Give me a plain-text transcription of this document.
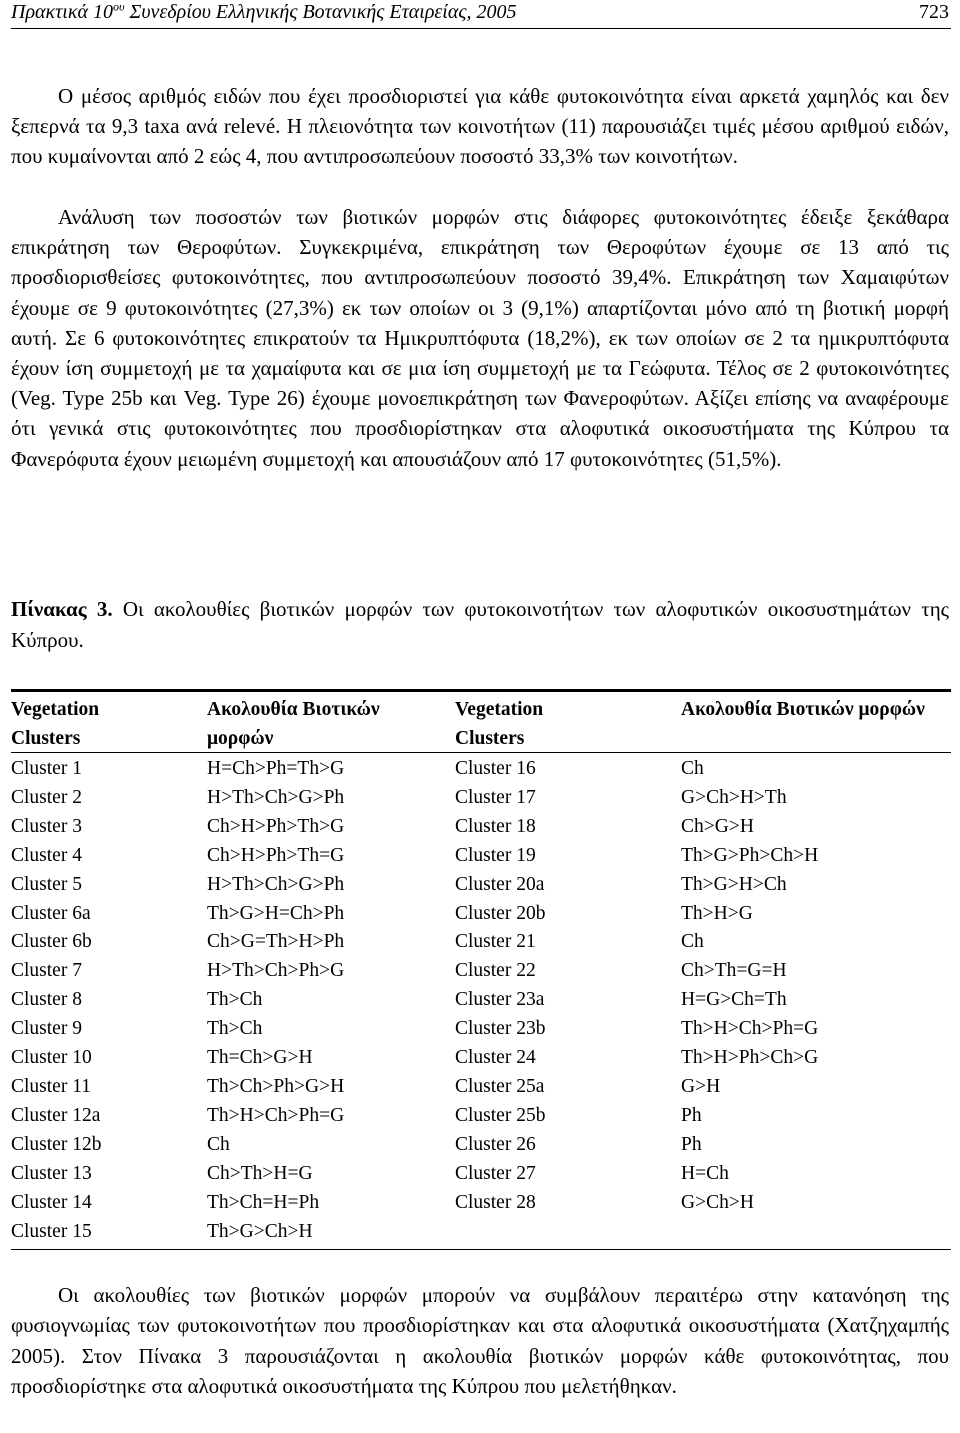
Πρακτικά $10^{o\upsilon}$ Συνεδρίου Ελληνικής Βοτανικής Εταιρείας, 2005	723

Ο μέσος αριθμός ειδών που έχει προσδιοριστεί για κάθε φυτοκοινότητα είναι αρκετά χαμηλός και δεν ξεπερνά τα 9,3 taxa ανά relevé. Η πλειονότητα των κοινοτήτων (11) παρουσιάζει τιμές μέσου αριθμού ειδών, που κυμαίνονται από 2 εώς 4, που αντιπροσωπεύουν ποσοστό 33,3% των κοινοτήτων.

Ανάλυση των ποσοστών των βιοτικών μορφών στις διάφορες φυτοκοινότητες έδειξε ξεκάθαρα επικράτηση των Θεροφύτων. Συγκεκριμένα, επικράτηση των Θεροφύτων έχουμε σε 13 από τις προσδιορισθείσες φυτοκοινότητες, που αντιπροσωπεύουν ποσοστό 39,4%. Επικράτηση των Χαμαιφύτων έχουμε σε 9 φυτοκοινότητες (27,3%) εκ των οποίων οι 3 (9,1%) απαρτίζονται μόνο από τη βιοτική μορφή αυτή. Σε 6 φυτοκοινότητες επικρατούν τα Ημικρυπτόφυτα (18,2%), εκ των οποίων σε 2 τα ημικρυπτόφυτα έχουν ίση συμμετοχή με τα χαμαίφυτα και σε μια ίση συμμετοχή με τα Γεώφυτα. Τέλος σε 2 φυτοκοινότητες (Veg. Type 25b και Veg. Type 26) έχουμε μονοεπικράτηση των Φανεροφύτων. Αξίζει επίσης να αναφέρουμε ότι γενικά στις φυτοκοινότητες που προσδιορίστηκαν στα αλοφυτικά οικοσυστήματα της Κύπρου τα Φανερόφυτα έχουν μειωμένη συμμετοχή και απουσιάζουν από 17 φυτοκοινότητες (51,5%).

Πίνακας 3. Οι ακολουθίες βιοτικών μορφών των φυτοκοινοτήτων των αλοφυτικών οικοσυστημάτων της Κύπρου.
Vegetation	Ακολουθία Βιοτικών	Vegetation	Ακολουθία Βιοτικών μορφών
Clusters	μορφών	Clusters	
Cluster 1	H=Ch>Ph=Th>G	Cluster 16	Ch
Cluster 2	H>Th>Ch>G>Ph	Cluster 17	G>Ch>H>Th
Cluster 3	Ch>H>Ph>Th>G	Cluster 18	Ch>G>H
Cluster 4	Ch>H>Ph>Th=G	Cluster 19	Th>G>Ph>Ch>H
Cluster 5	H>Th>Ch>G>Ph	Cluster 20a	Th>G>H>Ch
Cluster 6a	Th>G>H=Ch>Ph	Cluster 20b	Th>H>G
Cluster 6b	Ch>G=Th>H>Ph	Cluster 21	Ch
Cluster 7	H>Th>Ch>Ph>G	Cluster 22	Ch>Th=G=H
Cluster 8	Th>Ch	Cluster 23a	H=G>Ch=Th
Cluster 9	Th>Ch	Cluster 23b	Th>H>Ch>Ph=G
Cluster 10	Th=Ch>G>H	Cluster 24	Th>H>Ph>Ch>G
Cluster 11	Th>Ch>Ph>G>H	Cluster 25a	G>H
Cluster 12a	Th>H>Ch>Ph=G	Cluster 25b	Ph
Cluster 12b	Ch	Cluster 26	Ph
Cluster 13	Ch>Th>H=G	Cluster 27	H=Ch
Cluster 14	Th>Ch=H=Ph	Cluster 28	G>Ch>H
Cluster 15	Th>G>Ch>H		

Οι ακολουθίες των βιοτικών μορφών μπορούν να συμβάλουν περαιτέρω στην κατανόηση της φυσιογνωμίας των φυτοκοινοτήτων που προσδιορίστηκαν και στα αλοφυτικά οικοσυστήματα (Χατζηχαμπής 2005). Στον Πίνακα 3 παρουσιάζονται η ακολουθία βιοτικών μορφών κάθε φυτοκοινότητας, που προσδιορίστηκε στα αλοφυτικά οικοσυστήματα της Κύπρου που μελετήθηκαν.
